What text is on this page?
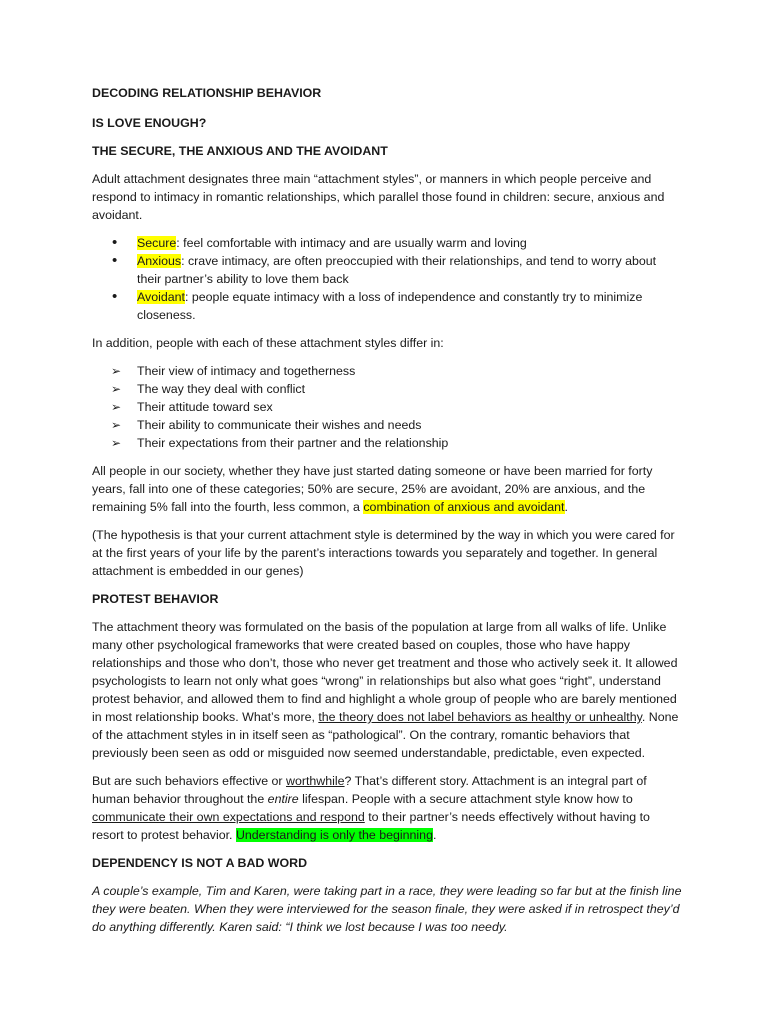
DECODING RELATIONSHIP BEHAVIOR
IS LOVE ENOUGH?
THE SECURE, THE ANXIOUS AND THE AVOIDANT

Adult attachment designates three main “attachment styles”, or manners in which people perceive and respond to intimacy in romantic relationships, which parallel those found in children: secure, anxious and avoidant.

• Secure: feel comfortable with intimacy and are usually warm and loving
• Anxious: crave intimacy, are often preoccupied with their relationships, and tend to worry about their partner’s ability to love them back
• Avoidant: people equate intimacy with a loss of independence and constantly try to minimize closeness.

In addition, people with each of these attachment styles differ in:

➢ Their view of intimacy and togetherness
➢ The way they deal with conflict
➢ Their attitude toward sex
➢ Their ability to communicate their wishes and needs
➢ Their expectations from their partner and the relationship

All people in our society, whether they have just started dating someone or have been married for forty years, fall into one of these categories; 50% are secure, 25% are avoidant, 20% are anxious, and the remaining 5% fall into the fourth, less common, a combination of anxious and avoidant.

(The hypothesis is that your current attachment style is determined by the way in which you were cared for at the first years of your life by the parent’s interactions towards you separately and together. In general attachment is embedded in our genes)

PROTEST BEHAVIOR

The attachment theory was formulated on the basis of the population at large from all walks of life. Unlike many other psychological frameworks that were created based on couples, those who have happy relationships and those who don’t, those who never get treatment and those who actively seek it. It allowed psychologists to learn not only what goes “wrong” in relationships but also what goes “right”, understand protest behavior, and allowed them to find and highlight a whole group of people who are barely mentioned in most relationship books. What’s more, the theory does not label behaviors as healthy or unhealthy. None of the attachment styles in in itself seen as “pathological”. On the contrary, romantic behaviors that previously been seen as odd or misguided now seemed understandable, predictable, even expected.

But are such behaviors effective or worthwhile? That’s different story. Attachment is an integral part of human behavior throughout the entire lifespan. People with a secure attachment style know how to communicate their own expectations and respond to their partner’s needs effectively without having to resort to protest behavior. Understanding is only the beginning.

DEPENDENCY IS NOT A BAD WORD

A couple’s example, Tim and Karen, were taking part in a race, they were leading so far but at the finish line they were beaten. When they were interviewed for the season finale, they were asked if in retrospect they’d do anything differently. Karen said: “I think we lost because I was too needy.
